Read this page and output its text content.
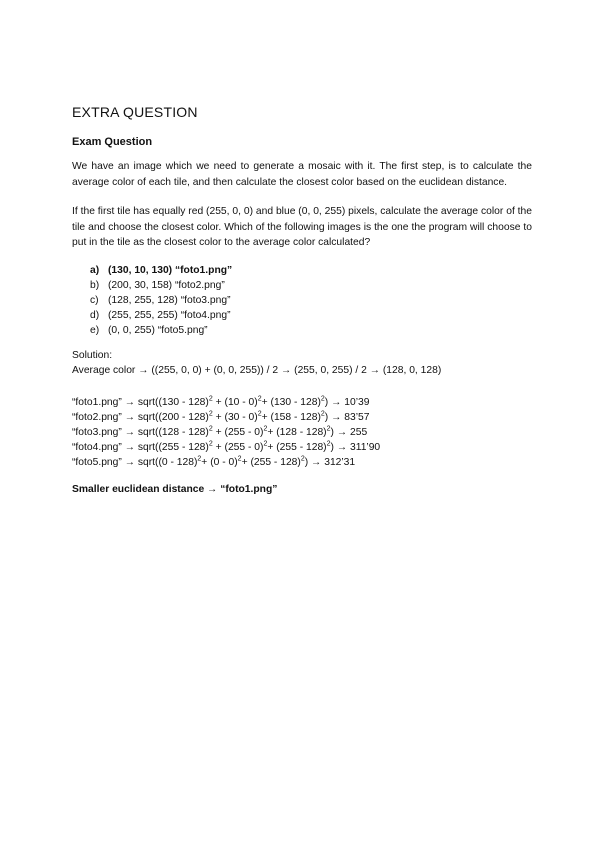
EXTRA QUESTION
Exam Question
We have an image which we need to generate a mosaic with it. The first step, is to calculate the average color of each tile, and then calculate the closest color based on the euclidean distance.
If the first tile has equally red (255, 0, 0) and blue (0, 0, 255) pixels, calculate the average color of the tile and choose the closest color. Which of the following images is the one the program will choose to put in the tile as the closest color to the average color calculated?
a) (130, 10, 130) “foto1.png”
b) (200, 30, 158) “foto2.png”
c) (128, 255, 128) “foto3.png”
d) (255, 255, 255) “foto4.png”
e) (0, 0, 255) “foto5.png”
Solution:
Average color → ((255, 0, 0) + (0, 0, 255)) / 2 → (255, 0, 255) / 2 → (128, 0, 128)
“foto1.png” → sqrt((130 - 128)$^2$ + (10 - 0)$^2$+ (130 - 128)$^2$) → 10’39
“foto2.png” → sqrt((200 - 128)$^2$ + (30 - 0)$^2$+ (158 - 128)$^2$) → 83’57
“foto3.png” → sqrt((128 - 128)$^2$ + (255 - 0)$^2$+ (128 - 128)$^2$) → 255
“foto4.png” → sqrt((255 - 128)$^2$ + (255 - 0)$^2$+ (255 - 128)$^2$) → 311’90
“foto5.png” → sqrt((0 - 128)$^2$+ (0 - 0)$^2$+ (255 - 128)$^2$) → 312’31
Smaller euclidean distance → “foto1.png”
